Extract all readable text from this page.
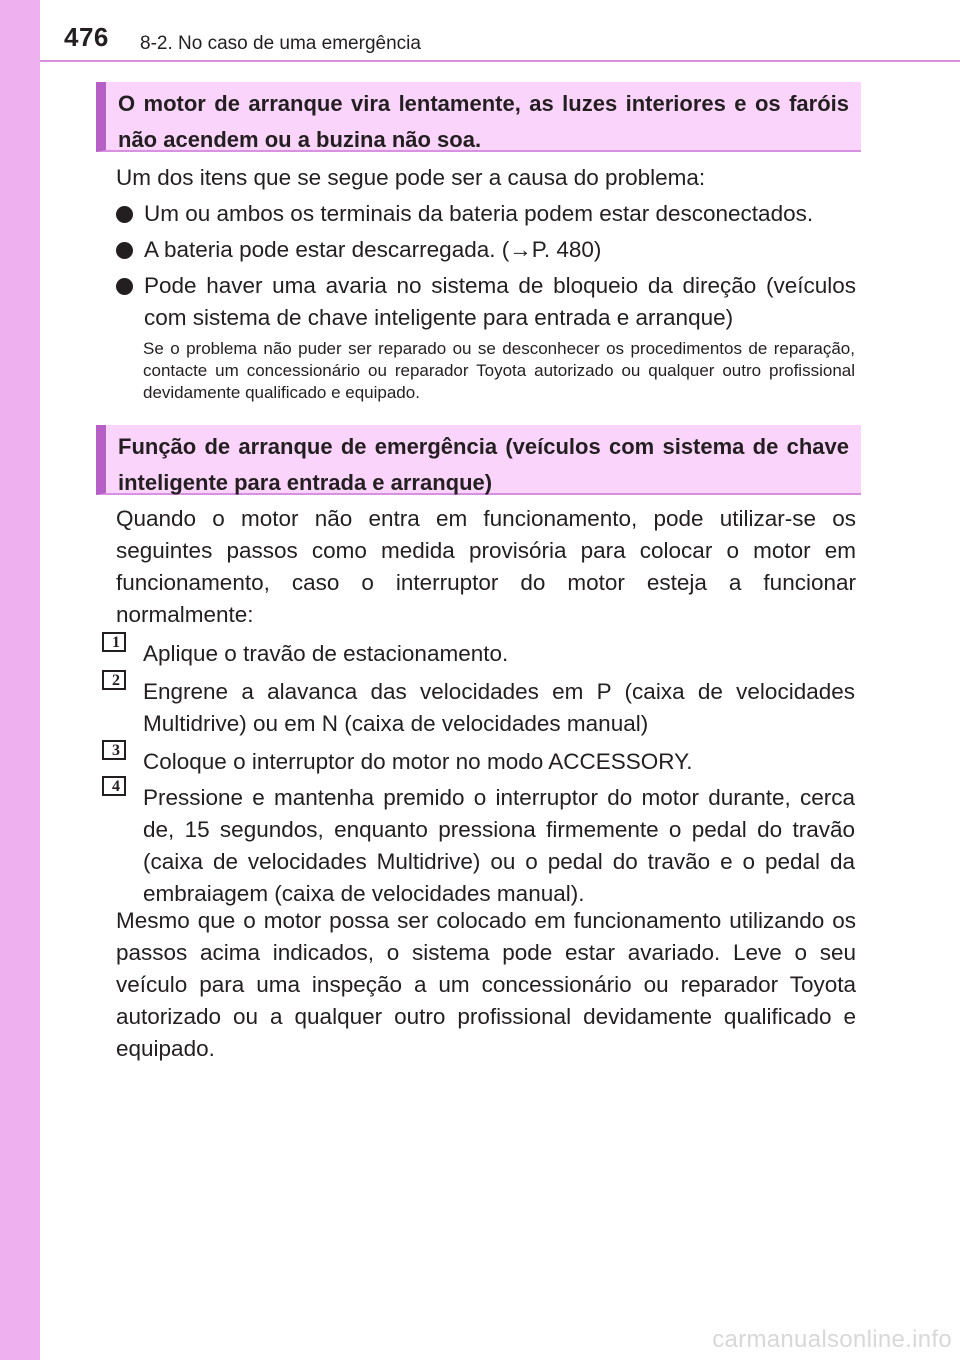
476 8-2. No caso de uma emergência
O motor de arranque vira lentamente, as luzes interiores e os faróis não acendem ou a buzina não soa.

Um dos itens que se segue pode ser a causa do problema:

Um ou ambos os terminais da bateria podem estar desconectados.
A bateria pode estar descarregada. (→P. 480)
Pode haver uma avaria no sistema de bloqueio da direção (veículos com sistema de chave inteligente para entrada e arranque)
Se o problema não puder ser reparado ou se desconhecer os procedimentos de reparação, contacte um concessionário ou reparador Toyota autorizado ou qualquer outro profissional devidamente qualificado e equipado.
Função de arranque de emergência (veículos com sistema de chave inteligente para entrada e arranque)
Quando o motor não entra em funcionamento, pode utilizar-se os seguintes passos como medida provisória para colocar o motor em funcionamento, caso o interruptor do motor esteja a funcionar normalmente:
1 Aplique o travão de estacionamento.
2 Engrene a alavanca das velocidades em P (caixa de velocidades Multidrive) ou em N (caixa de velocidades manual)
3 Coloque o interruptor do motor no modo ACCESSORY.
4 Pressione e mantenha premido o interruptor do motor durante, cerca de, 15 segundos, enquanto pressiona firmemente o pedal do travão (caixa de velocidades Multidrive) ou o pedal do travão e o pedal da embraiagem (caixa de velocidades manual).
Mesmo que o motor possa ser colocado em funcionamento utilizando os passos acima indicados, o sistema pode estar avariado. Leve o seu veículo para uma inspeção a um concessionário ou reparador Toyota autorizado ou a qualquer outro profissional devidamente qualificado e equipado.
carmanualsonline.info
